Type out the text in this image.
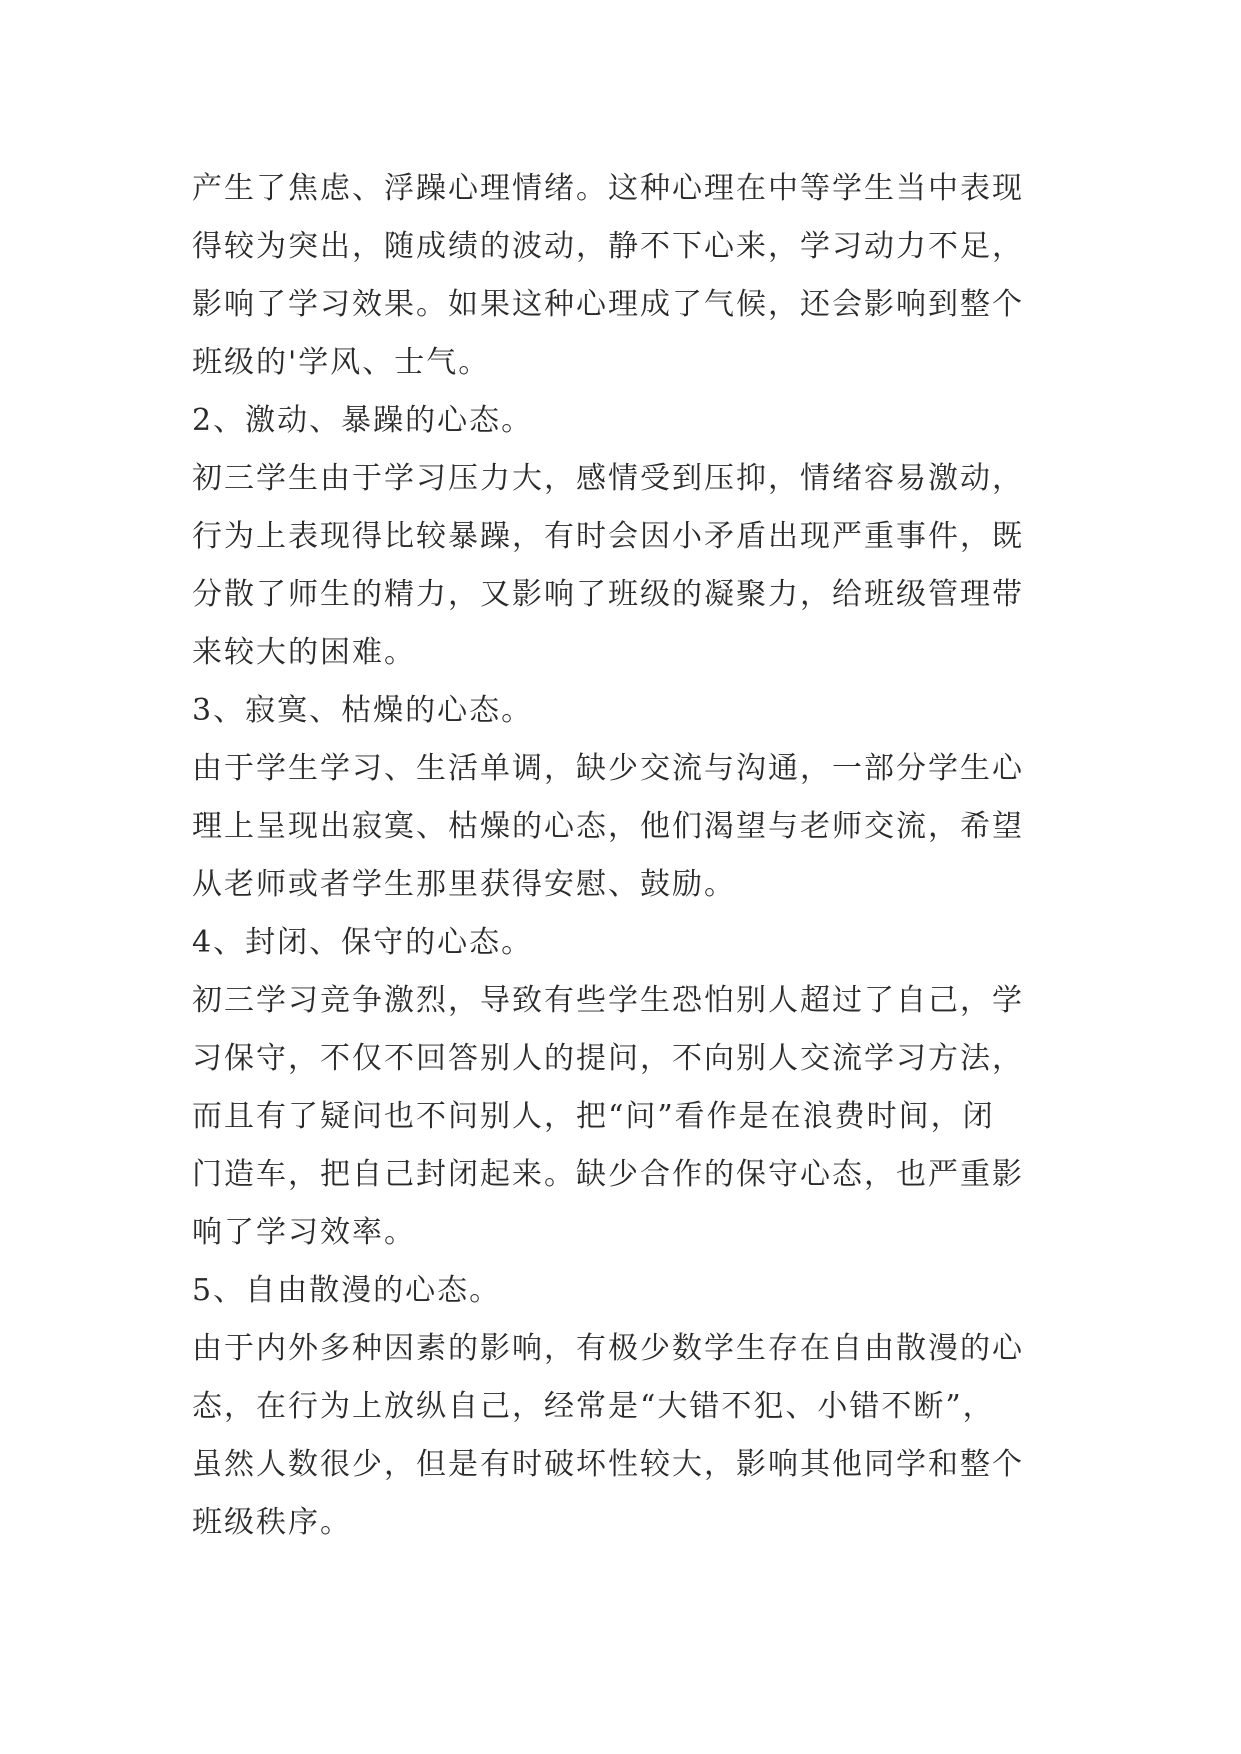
产生了焦虑、浮躁心理情绪。这种心理在中等学生当中表现
得较为突出，随成绩的波动，静不下心来，学习动力不足，
影响了学习效果。如果这种心理成了气候，还会影响到整个
班级的'学风、士气。
2、激动、暴躁的心态。
初三学生由于学习压力大，感情受到压抑，情绪容易激动，
行为上表现得比较暴躁，有时会因小矛盾出现严重事件，既
分散了师生的精力，又影响了班级的凝聚力，给班级管理带
来较大的困难。
3、寂寞、枯燥的心态。
由于学生学习、生活单调，缺少交流与沟通，一部分学生心
理上呈现出寂寞、枯燥的心态，他们渴望与老师交流，希望
从老师或者学生那里获得安慰、鼓励。
4、封闭、保守的心态。
初三学习竞争激烈，导致有些学生恐怕别人超过了自己，学
习保守，不仅不回答别人的提问，不向别人交流学习方法，
而且有了疑问也不问别人，把“问”看作是在浪费时间，闭
门造车，把自己封闭起来。缺少合作的保守心态，也严重影
响了学习效率。
5、自由散漫的心态。
由于内外多种因素的影响，有极少数学生存在自由散漫的心
态，在行为上放纵自己，经常是“大错不犯、小错不断”，
虽然人数很少，但是有时破坏性较大，影响其他同学和整个
班级秩序。
